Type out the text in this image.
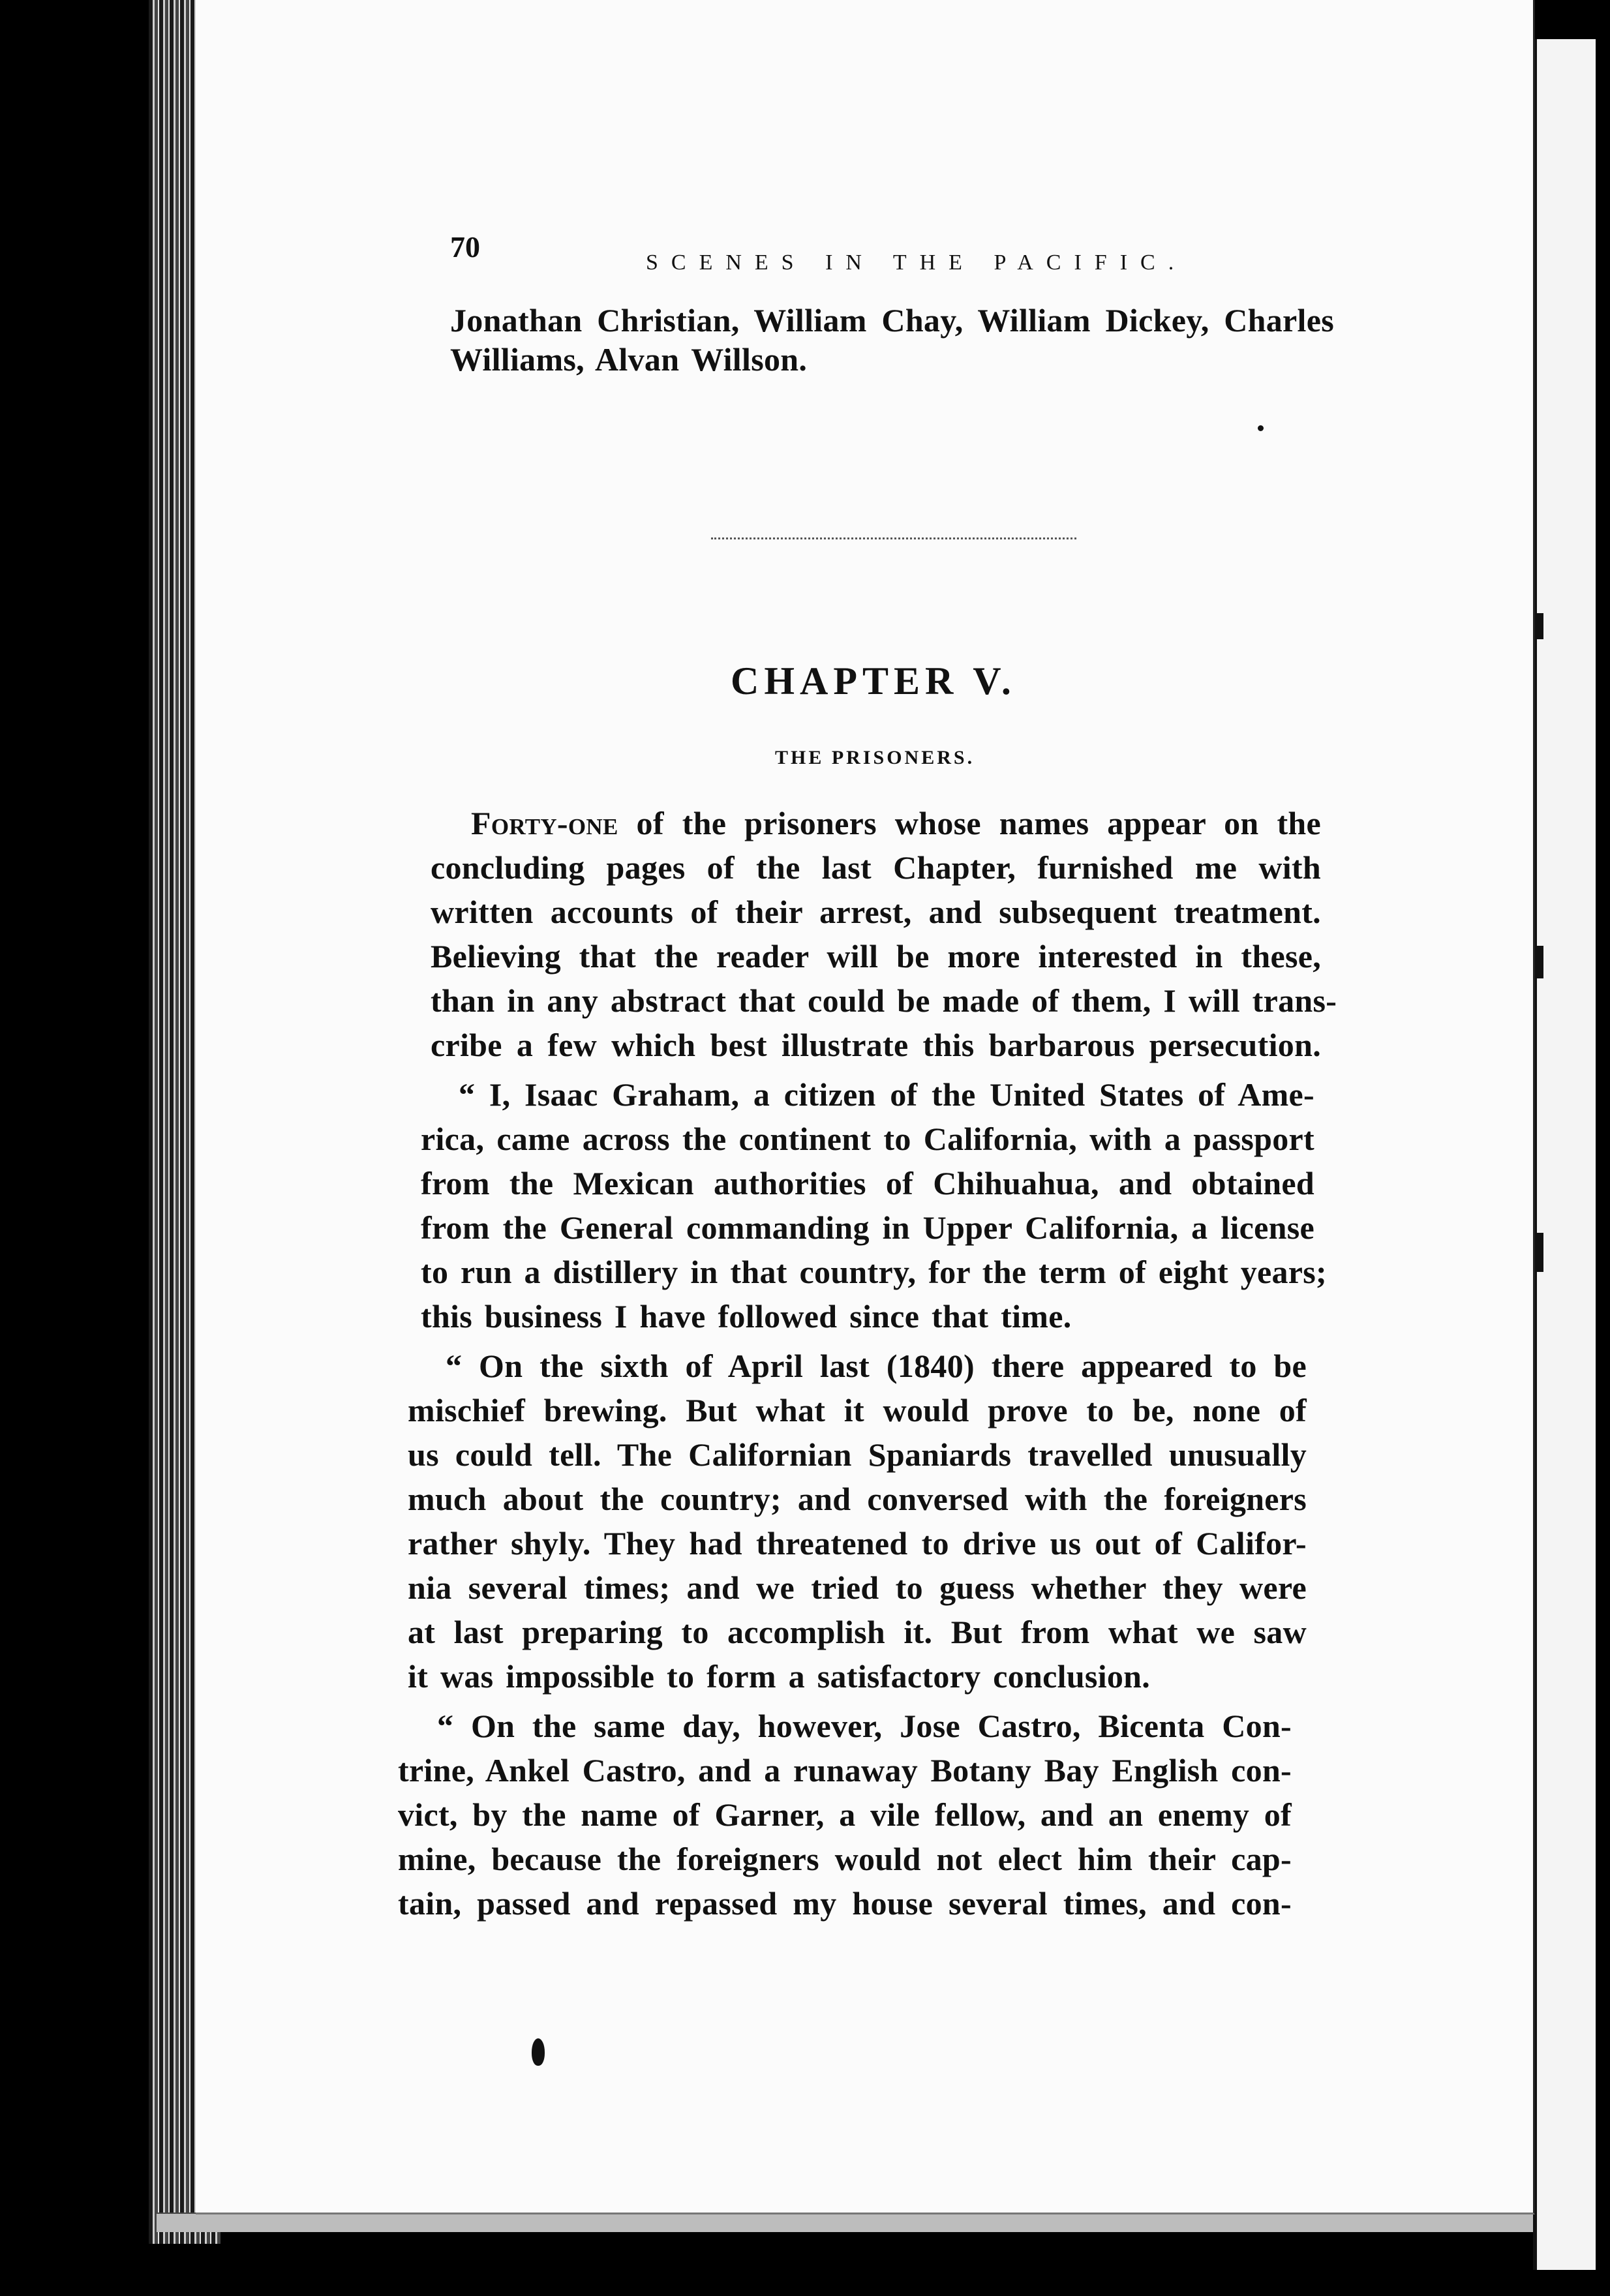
70	SCENES IN THE PACIFIC.
Jonathan Christian, William Chay, William Dickey, Charles
Williams, Alvan Willson.
CHAPTER V.
THE PRISONERS.
Forty-one of the prisoners whose names appear on the
concluding pages of the last Chapter, furnished me with
written accounts of their arrest, and subsequent treatment.
Believing that the reader will be more interested in these,
than in any abstract that could be made of them, I will trans-
cribe a few which best illustrate this barbarous persecution.
“ I, Isaac Graham, a citizen of the United States of Ame-
rica, came across the continent to California, with a passport
from the Mexican authorities of Chihuahua, and obtained
from the General commanding in Upper California, a license
to run a distillery in that country, for the term of eight years;
this business I have followed since that time.
“ On the sixth of April last (1840) there appeared to be
mischief brewing. But what it would prove to be, none of
us could tell. The Californian Spaniards travelled unusually
much about the country; and conversed with the foreigners
rather shyly. They had threatened to drive us out of Califor-
nia several times; and we tried to guess whether they were
at last preparing to accomplish it. But from what we saw
it was impossible to form a satisfactory conclusion.
“ On the same day, however, Jose Castro, Bicenta Con-
trine, Ankel Castro, and a runaway Botany Bay English con-
vict, by the name of Garner, a vile fellow, and an enemy of
mine, because the foreigners would not elect him their cap-
tain, passed and repassed my house several times, and con-
